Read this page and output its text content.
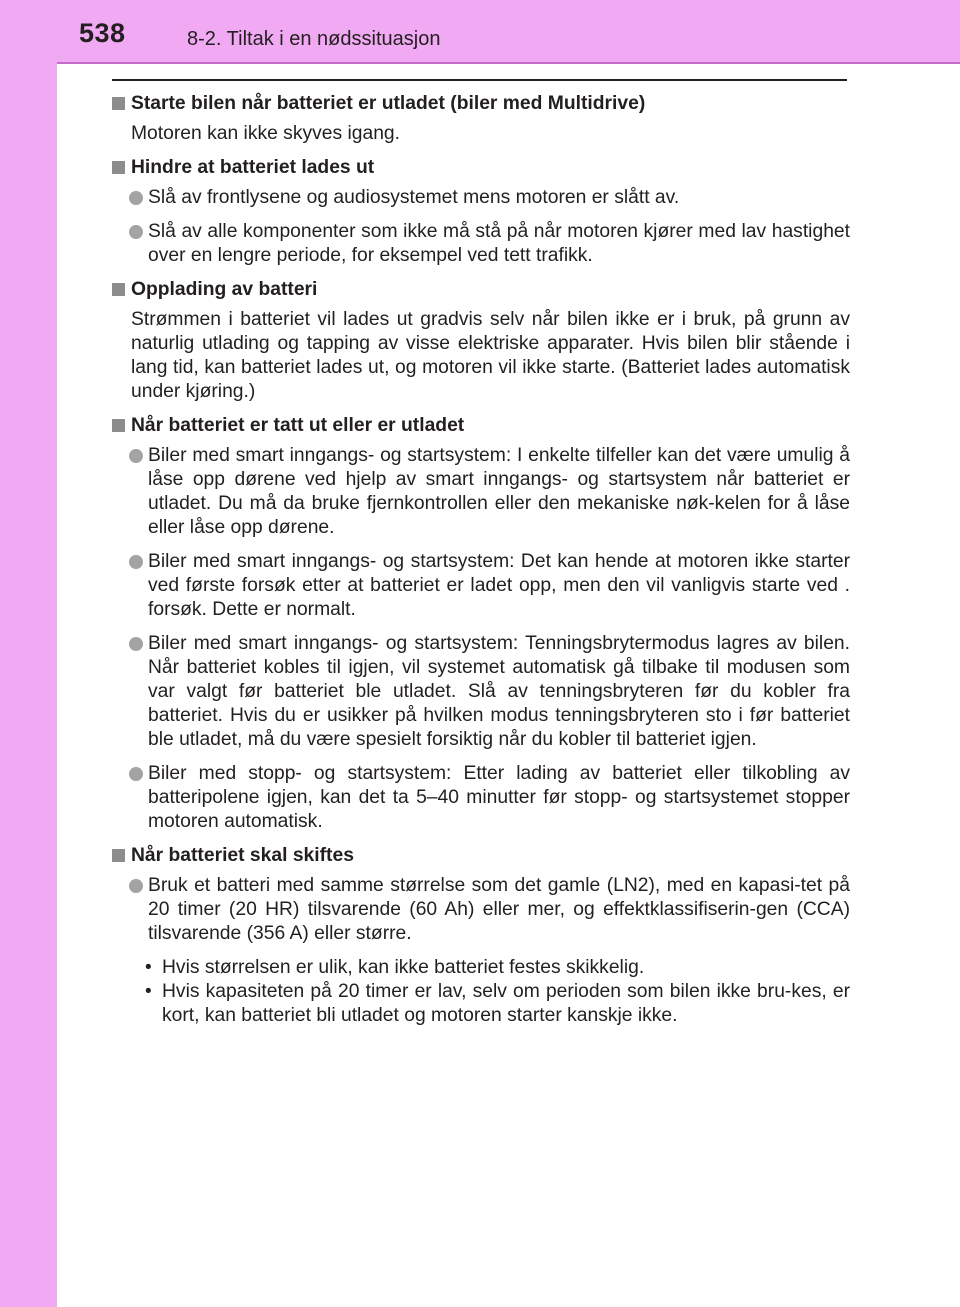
538	8-2. Tiltak i en nødssituasjon
Starte bilen når batteriet er utladet (biler med Multidrive)
Motoren kan ikke skyves igang.
Hindre at batteriet lades ut
Slå av frontlysene og audiosystemet mens motoren er slått av.
Slå av alle komponenter som ikke må stå på når motoren kjører med lav hastighet over en lengre periode, for eksempel ved tett trafikk.
Opplading av batteri
Strømmen i batteriet vil lades ut gradvis selv når bilen ikke er i bruk, på grunn av naturlig utlading og tapping av visse elektriske apparater. Hvis bilen blir stående i lang tid, kan batteriet lades ut, og motoren vil ikke starte. (Batteriet lades automatisk under kjøring.)
Når batteriet er tatt ut eller er utladet
Biler med smart inngangs- og startsystem: I enkelte tilfeller kan det være umulig å låse opp dørene ved hjelp av smart inngangs- og startsystem når batteriet er utladet. Du må da bruke fjernkontrollen eller den mekaniske nøk-kelen for å låse eller låse opp dørene.
Biler med smart inngangs- og startsystem: Det kan hende at motoren ikke starter ved første forsøk etter at batteriet er ladet opp, men den vil vanligvis starte ved . forsøk. Dette er normalt.
Biler med smart inngangs- og startsystem: Tenningsbrytermodus lagres av bilen. Når batteriet kobles til igjen, vil systemet automatisk gå tilbake til modusen som var valgt før batteriet ble utladet. Slå av tenningsbryteren før du kobler fra batteriet. Hvis du er usikker på hvilken modus tenningsbryteren sto i før batteriet ble utladet, må du være spesielt forsiktig når du kobler til batteriet igjen.
Biler med stopp- og startsystem: Etter lading av batteriet eller tilkobling av batteripolene igjen, kan det ta 5–40 minutter før stopp- og startsystemet stopper motoren automatisk.
Når batteriet skal skiftes
Bruk et batteri med samme størrelse som det gamle (LN2), med en kapasi-tet på 20 timer (20 HR) tilsvarende (60 Ah) eller mer, og effektklassifiserin-gen (CCA) tilsvarende (356 A) eller større.
• Hvis størrelsen er ulik, kan ikke batteriet festes skikkelig.
• Hvis kapasiteten på 20 timer er lav, selv om perioden som bilen ikke bru-kes, er kort, kan batteriet bli utladet og motoren starter kanskje ikke.
